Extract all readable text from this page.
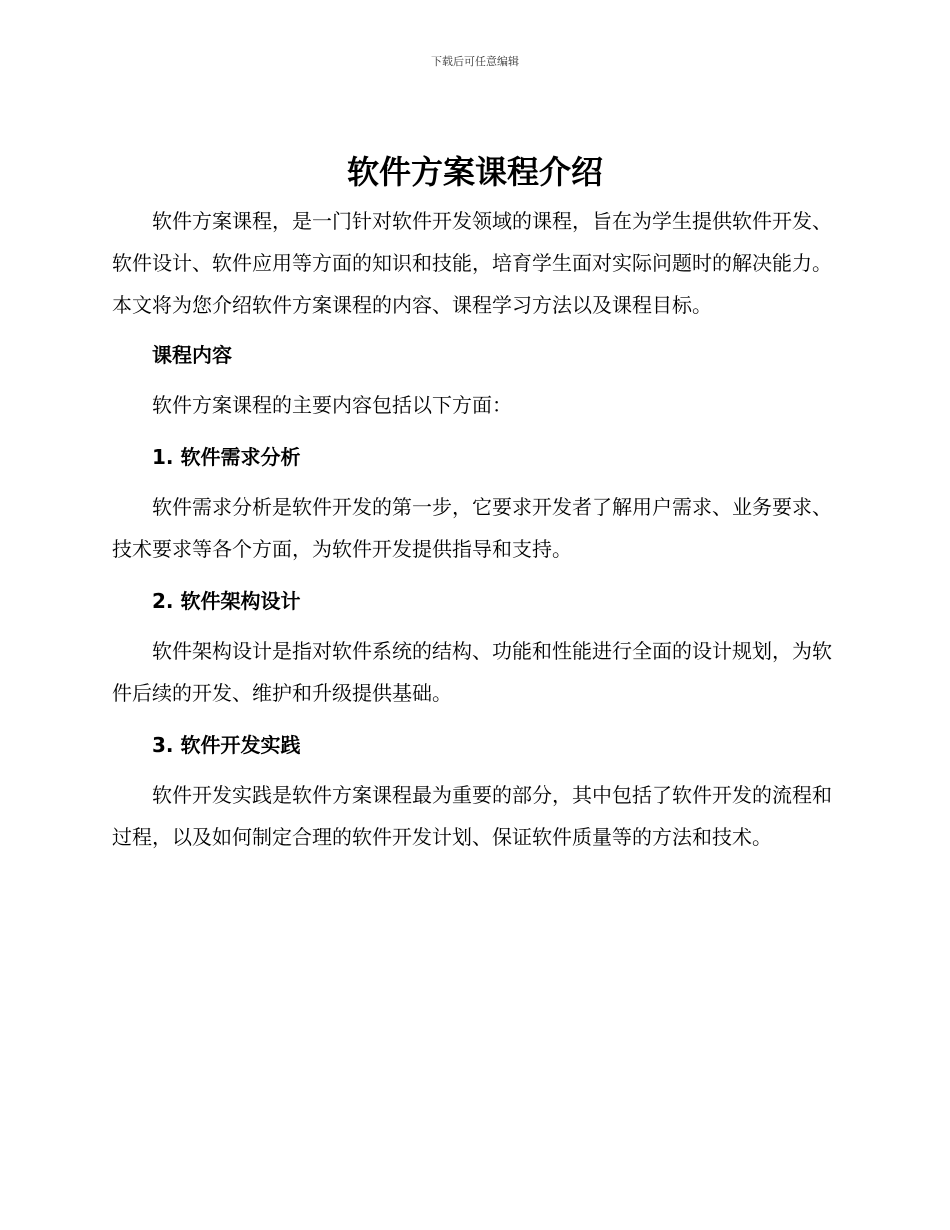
下载后可任意编辑
软件方案课程介绍

软件方案课程，是一门针对软件开发领域的课程，旨在为学生提供软件开发、软件设计、软件应用等方面的知识和技能，培育学生面对实际问题时的解决能力。本文将为您介绍软件方案课程的内容、课程学习方法以及课程目标。

课程内容

软件方案课程的主要内容包括以下方面：

1. 软件需求分析

软件需求分析是软件开发的第一步，它要求开发者了解用户需求、业务要求、技术要求等各个方面，为软件开发提供指导和支持。

2. 软件架构设计

软件架构设计是指对软件系统的结构、功能和性能进行全面的设计规划，为软件后续的开发、维护和升级提供基础。

3. 软件开发实践

软件开发实践是软件方案课程最为重要的部分，其中包括了软件开发的流程和过程，以及如何制定合理的软件开发计划、保证软件质量等的方法和技术。
